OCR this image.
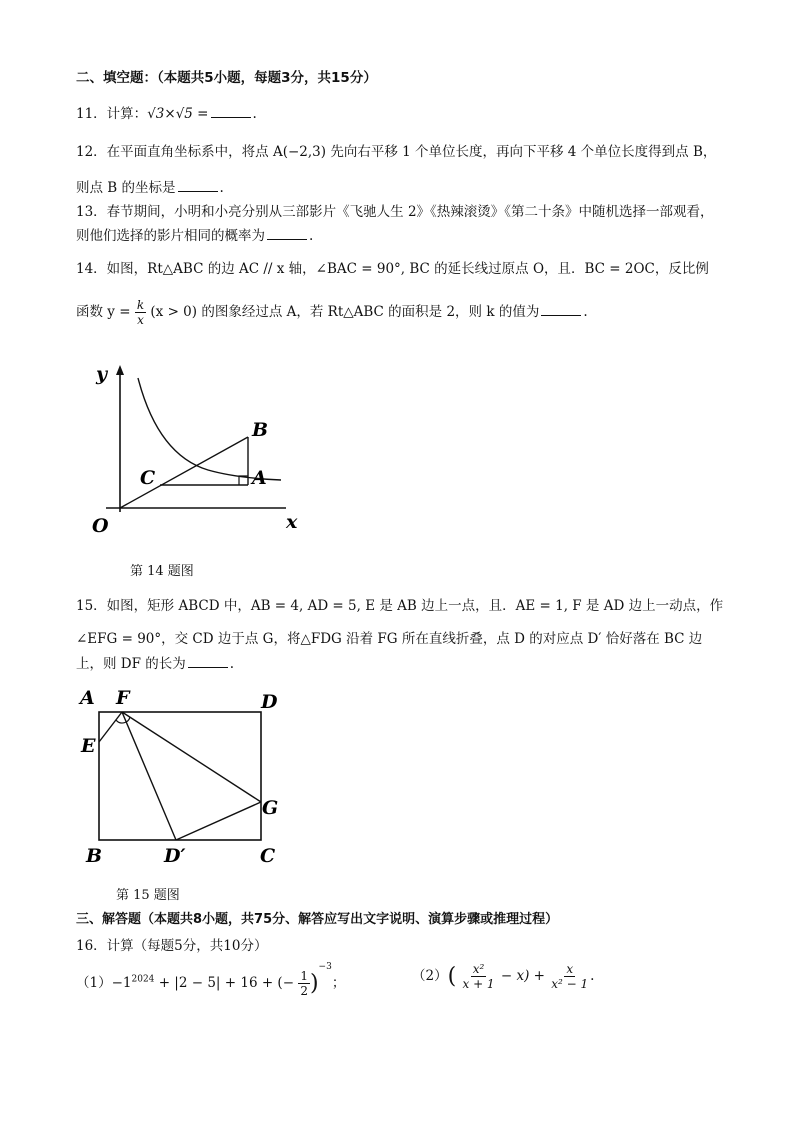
二、填空题：（本题共5小题，每题3分，共15分）
11．计算：√3×√5 =	.
12．在平面直角坐标系中，将点 A(−2,3) 先向右平移 1 个单位长度，再向下平移 4 个单位长度得到点 B，
则点 B 的坐标是	.
13．春节期间，小明和小亮分别从三部影片《飞驰人生 2》《热辣滚烫》《第二十条》中随机选择一部观看，
则他们选择的影片相同的概率为	.
14．如图，Rt△ABC 的边 AC // x 轴，∠BAC = 90°, BC 的延长线过原点 O，且．BC = 2OC，反比例
函数 $y = \frac{k}{x} (x > 0)$ 的图象经过点 A，若 Rt△ABC 的面积是 2，则 k 的值为	.
y
x
O
B
A
C
第 14 题图
15．如图，矩形 ABCD 中，AB = 4, AD = 5, E 是 AB 边上一点，且．AE = 1, F 是 AD 边上一动点，作
∠EFG = 90°，交 CD 边于点 G，将△FDG 沿着 FG 所在直线折叠，点 D 的对应点 D′ 恰好落在 BC 边
上，则 DF 的长为	.
A F	D
E
G
B	D′	C
第 15 题图
三、解答题（本题共8小题，共75分、解答应写出文字说明、演算步骤或推理过程）
16．计算（每题5分，共10分）
$(1)-1^{2024} + |2 - 5| + 16$ + (− $\frac{1}{2} )^{-3}$；	$(2)( \frac{\text{x²}}{x + 1} - x) + \frac{x}{\text{x² − 1}}$ .
